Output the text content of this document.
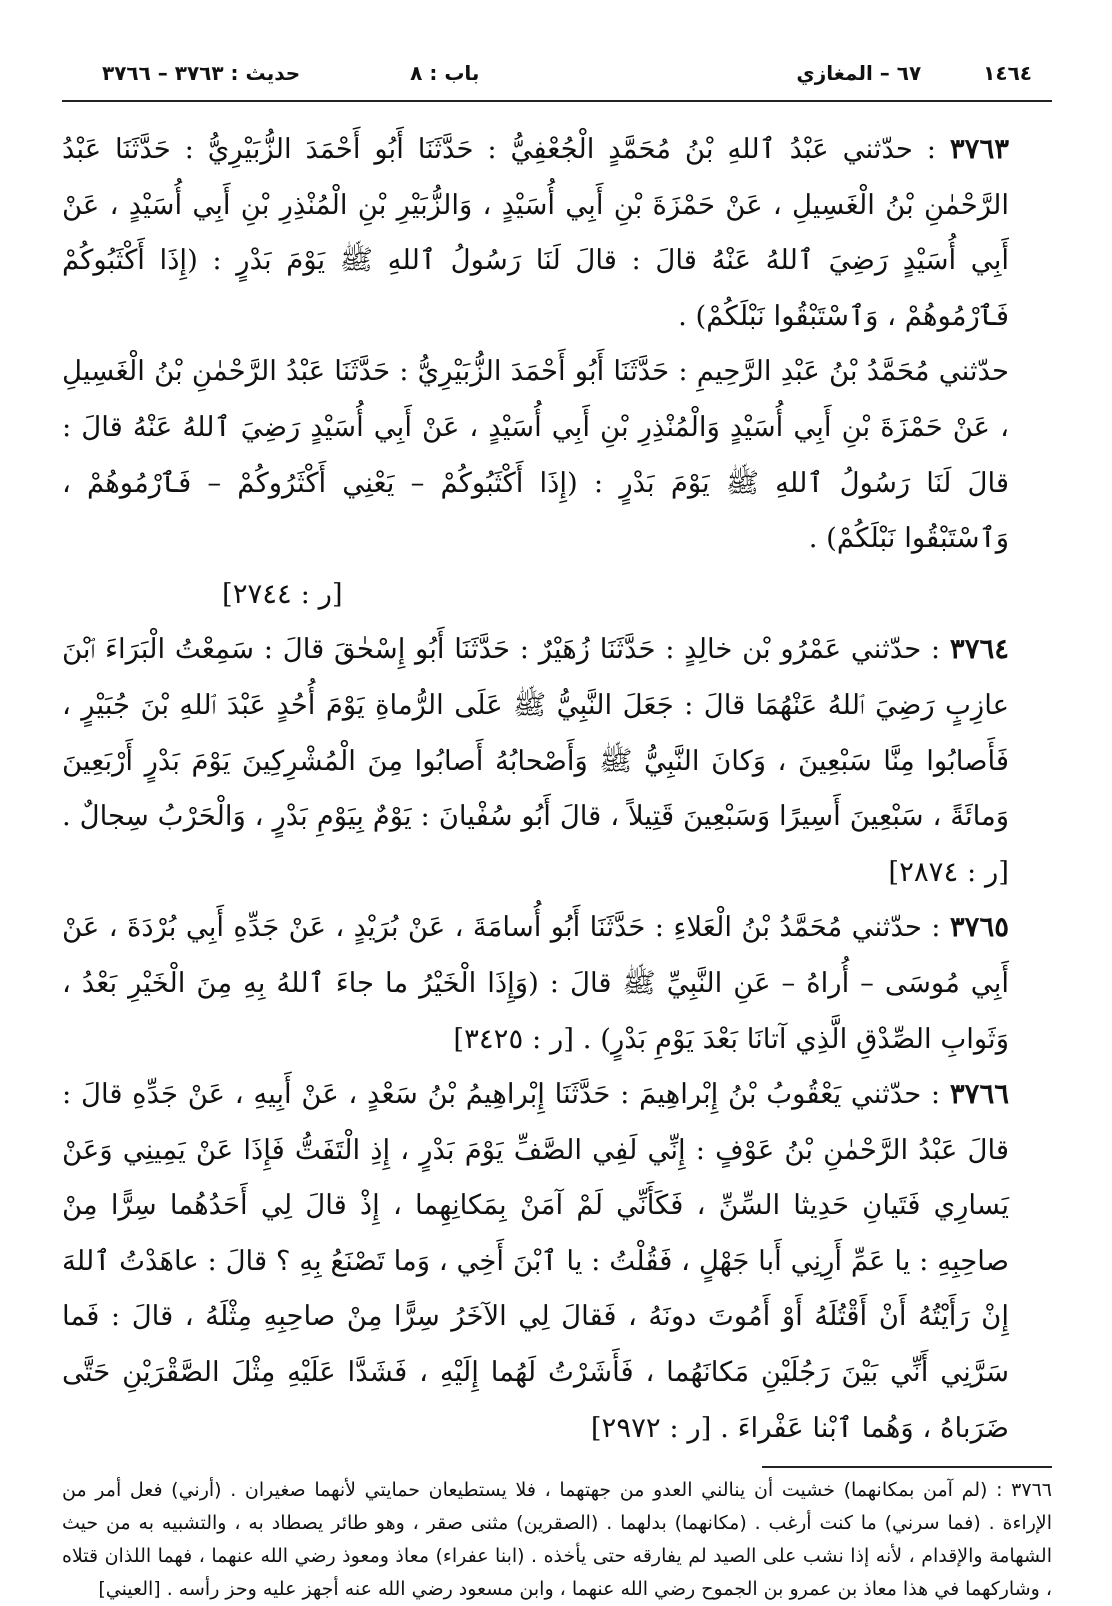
١٤٦٤
٦٧ – المغازي
باب : ٨
حديث : ٣٧٦٣ – ٣٧٦٦

٣٧٦٣ : حدّثني عَبْدُ ٱللهِ بْنُ مُحَمَّدٍ الْجُعْفِيُّ : حَدَّثَنَا أَبُو أَحْمَدَ الزُّبَيْرِيُّ : حَدَّثَنَا عَبْدُ الرَّحْمٰنِ بْنُ الْغَسِيلِ ، عَنْ حَمْزَةَ بْنِ أَبِي أُسَيْدٍ ، وَالزُّبَيْرِ بْنِ الْمُنْذِرِ بْنِ أَبِي أُسَيْدٍ ، عَنْ أَبِي أُسَيْدٍ رَضِيَ ٱللهُ عَنْهُ قالَ : قالَ لَنَا رَسُولُ ٱللهِ ﷺ يَوْمَ بَدْرٍ : (إِذَا أَكْثَبُوكُمْ فَٱرْمُوهُمْ ، وَٱسْتَبْقُوا نَبْلَكُمْ) .

حدّثني مُحَمَّدُ بْنُ عَبْدِ الرَّحِيمِ : حَدَّثَنَا أَبُو أَحْمَدَ الزُّبَيْرِيُّ : حَدَّثَنَا عَبْدُ الرَّحْمٰنِ بْنُ الْغَسِيلِ ، عَنْ حَمْزَةَ بْنِ أَبِي أُسَيْدٍ وَالْمُنْذِرِ بْنِ أَبِي أُسَيْدٍ ، عَنْ أَبِي أُسَيْدٍ رَضِيَ ٱللهُ عَنْهُ قالَ : قالَ لَنَا رَسُولُ ٱللهِ ﷺ يَوْمَ بَدْرٍ : (إِذَا أَكْثَبُوكُمْ – يَعْنِي أَكْثَرُوكُمْ – فَٱرْمُوهُمْ ، وَٱسْتَبْقُوا نَبْلَكُمْ) .

[ر : ٢٧٤٤]

٣٧٦٤ : حدّثني عَمْرُو بْن خالِدٍ : حَدَّثَنَا زُهَيْرٌ : حَدَّثَنَا أَبُو إِسْحٰقَ قالَ : سَمِعْتُ الْبَرَاءَ ٱبْنَ عازِبٍ رَضِيَ ٱللهُ عَنْهُمَا قالَ : جَعَلَ النَّبِيُّ ﷺ عَلَى الرُّماةِ يَوْمَ أُحُدٍ عَبْدَ ٱللهِ بْنَ جُبَيْرٍ ، فَأَصابُوا مِنَّا سَبْعِينَ ، وَكانَ النَّبِيُّ ﷺ وَأَصْحابُهُ أَصابُوا مِنَ الْمُشْرِكِينَ يَوْمَ بَدْرٍ أَرْبَعِينَ وَمائَةً ، سَبْعِينَ أَسِيرًا وَسَبْعِينَ قَتِيلاً ، قالَ أَبُو سُفْيانَ : يَوْمٌ بِيَوْمِ بَدْرٍ ، وَالْحَرْبُ سِجالٌ . [ر : ٢٨٧٤]

٣٧٦٥ : حدّثني مُحَمَّدُ بْنُ الْعَلاءِ : حَدَّثَنَا أَبُو أُسامَةَ ، عَنْ بُرَيْدٍ ، عَنْ جَدِّهِ أَبِي بُرْدَةَ ، عَنْ أَبِي مُوسَى – أُراهُ – عَنِ النَّبِيِّ ﷺ قالَ : (وَإِذَا الْخَيْرُ ما جاءَ ٱللهُ بِهِ مِنَ الْخَيْرِ بَعْدُ ، وَثَوابِ الصِّدْقِ الَّذِي آتانَا بَعْدَ يَوْمِ بَدْرٍ) . [ر : ٣٤٢٥]

٣٧٦٦ : حدّثني يَعْقُوبُ بْنُ إِبْراهِيمَ : حَدَّثَنَا إِبْراهِيمُ بْنُ سَعْدٍ ، عَنْ أَبِيهِ ، عَنْ جَدِّهِ قالَ : قالَ عَبْدُ الرَّحْمٰنِ بْنُ عَوْفٍ : إِنِّي لَفِي الصَّفِّ يَوْمَ بَدْرٍ ، إِذِ الْتَفَتُّ فَإِذَا عَنْ يَمِينِي وَعَنْ يَسارِي فَتَيانِ حَدِيثا السِّنِّ ، فَكَأَنِّي لَمْ آمَنْ بِمَكانِهِما ، إِذْ قالَ لِي أَحَدُهُما سِرًّا مِنْ صاحِبِهِ : يا عَمِّ أَرِنِي أَبا جَهْلٍ ، فَقُلْتُ : يا ٱبْنَ أَخِي ، وَما تَصْنَعُ بِهِ ؟ قالَ : عاهَدْتُ ٱللهَ إِنْ رَأَيْتُهُ أَنْ أَقْتُلَهُ أَوْ أَمُوتَ دونَهُ ، فَقالَ لِي الآخَرُ سِرًّا مِنْ صاحِبِهِ مِثْلَهُ ، قالَ : فَما سَرَّنِي أَنِّي بَيْنَ رَجُلَيْنِ مَكانَهُما ، فَأَشَرْتُ لَهُما إِلَيْهِ ، فَشَدَّا عَلَيْهِ مِثْلَ الصَّقْرَيْنِ حَتَّى ضَرَباهُ ، وَهُما ٱبْنا عَفْراءَ . [ر : ٢٩٧٢]

٣٧٦٦ : (لم آمن بمكانهما) خشيت أن ينالني العدو من جهتهما ، فلا يستطيعان حمايتي لأنهما صغيران . (أرني) فعل أمر من الإراءة . (فما سرني) ما كنت أرغب . (مكانهما) بدلهما . (الصقرين) مثنى صقر ، وهو طائر يصطاد به ، والتشبيه به من حيث الشهامة والإقدام ، لأنه إذا نشب على الصيد لم يفارقه حتى يأخذه . (ابنا عفراء) معاذ ومعوذ رضي الله عنهما ، فهما اللذان قتلاه ، وشاركهما في هذا معاذ بن عمرو بن الجموح رضي الله عنهما ، وابن مسعود رضي الله عنه أجهز عليه وحز رأسه . [العيني]
